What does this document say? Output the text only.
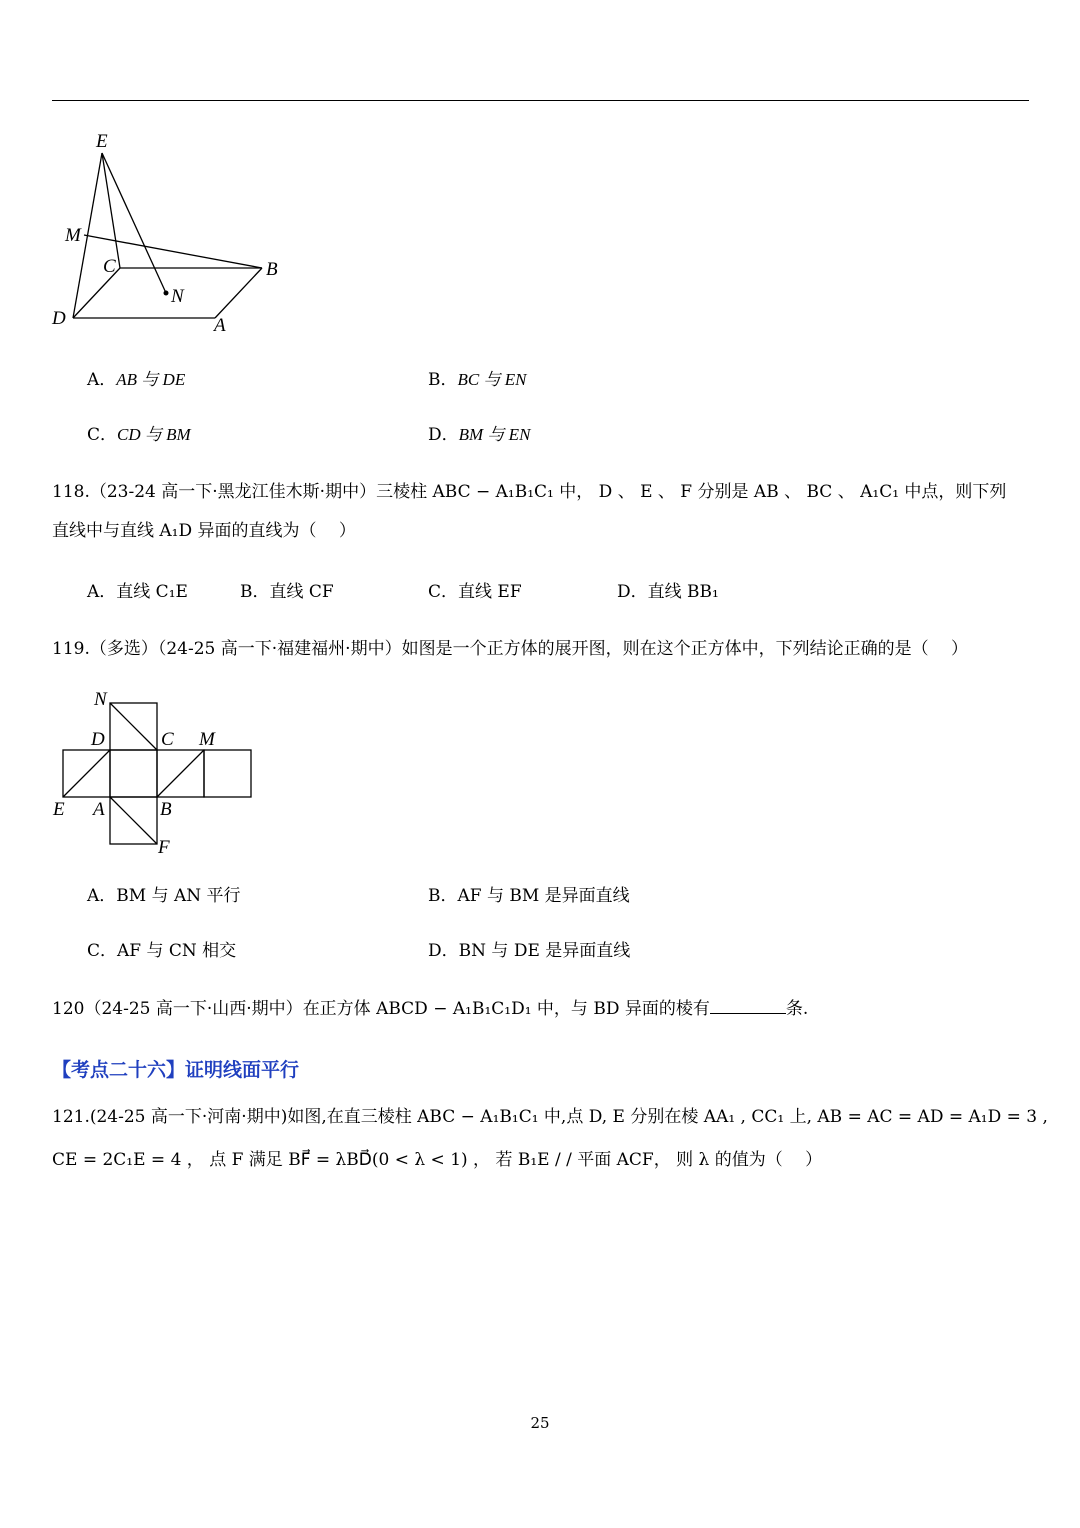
E
M
C	B
N
D	A
A．AB 与 DE	B．BC 与 EN
C．CD 与 BM	D．BM 与 EN
118.（23-24 高一下·黑龙江佳木斯·期中）三棱柱 ABC − A₁B₁C₁ 中， D 、 E 、 F 分别是 AB 、 BC 、 A₁C₁ 中点，则下列
直线中与直线 A₁D 异面的直线为（　 ）
A．直线 C₁E	B．直线 CF	C．直线 EF	D．直线 BB₁
119.（多选）（24-25 高一下·福建福州·期中）如图是一个正方体的展开图，则在这个正方体中，下列结论正确的是（　 ）
N
D	C M
E A	B
F
A．BM 与 AN 平行	B．AF 与 BM 是异面直线
C．AF 与 CN 相交	D．BN 与 DE 是异面直线
120（24-25 高一下·山西·期中）在正方体 ABCD − A₁B₁C₁D₁ 中，与 BD 异面的棱有	条.
【考点二十六】证明线面平行
121.(24-25 高一下·河南·期中)如图,在直三棱柱 ABC − A₁B₁C₁ 中,点 D, E 分别在棱 AA₁ , CC₁ 上, AB = AC = AD = A₁D = 3 ,
CE = 2C₁E = 4 ， 点 F 满足 BF⃗ = λBD⃗(0 < λ < 1) ， 若 B₁E / / 平面 ACF， 则 λ 的值为（　 ）
25
